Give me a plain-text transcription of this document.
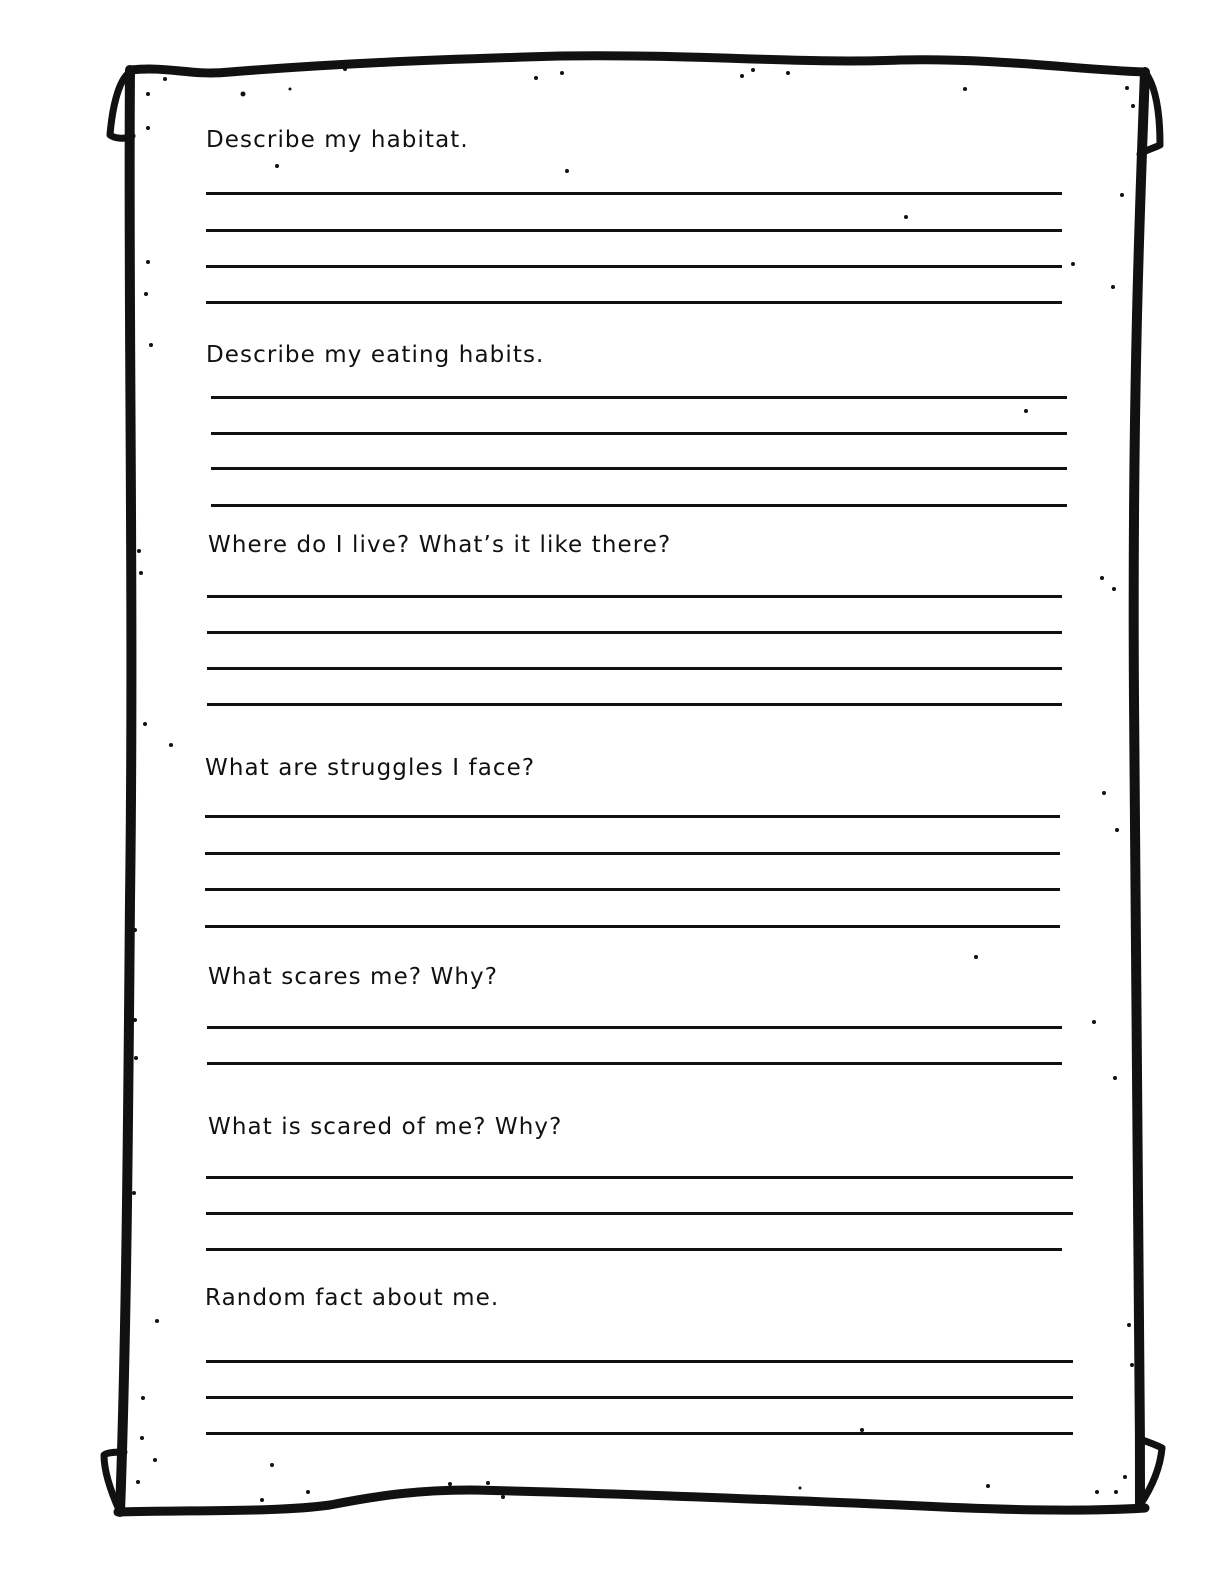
Describe my habitat.
Describe my eating habits.
Where do I live? What’s it like there?
What are struggles I face?
What scares me? Why?
What is scared of me? Why?
Random fact about me.
